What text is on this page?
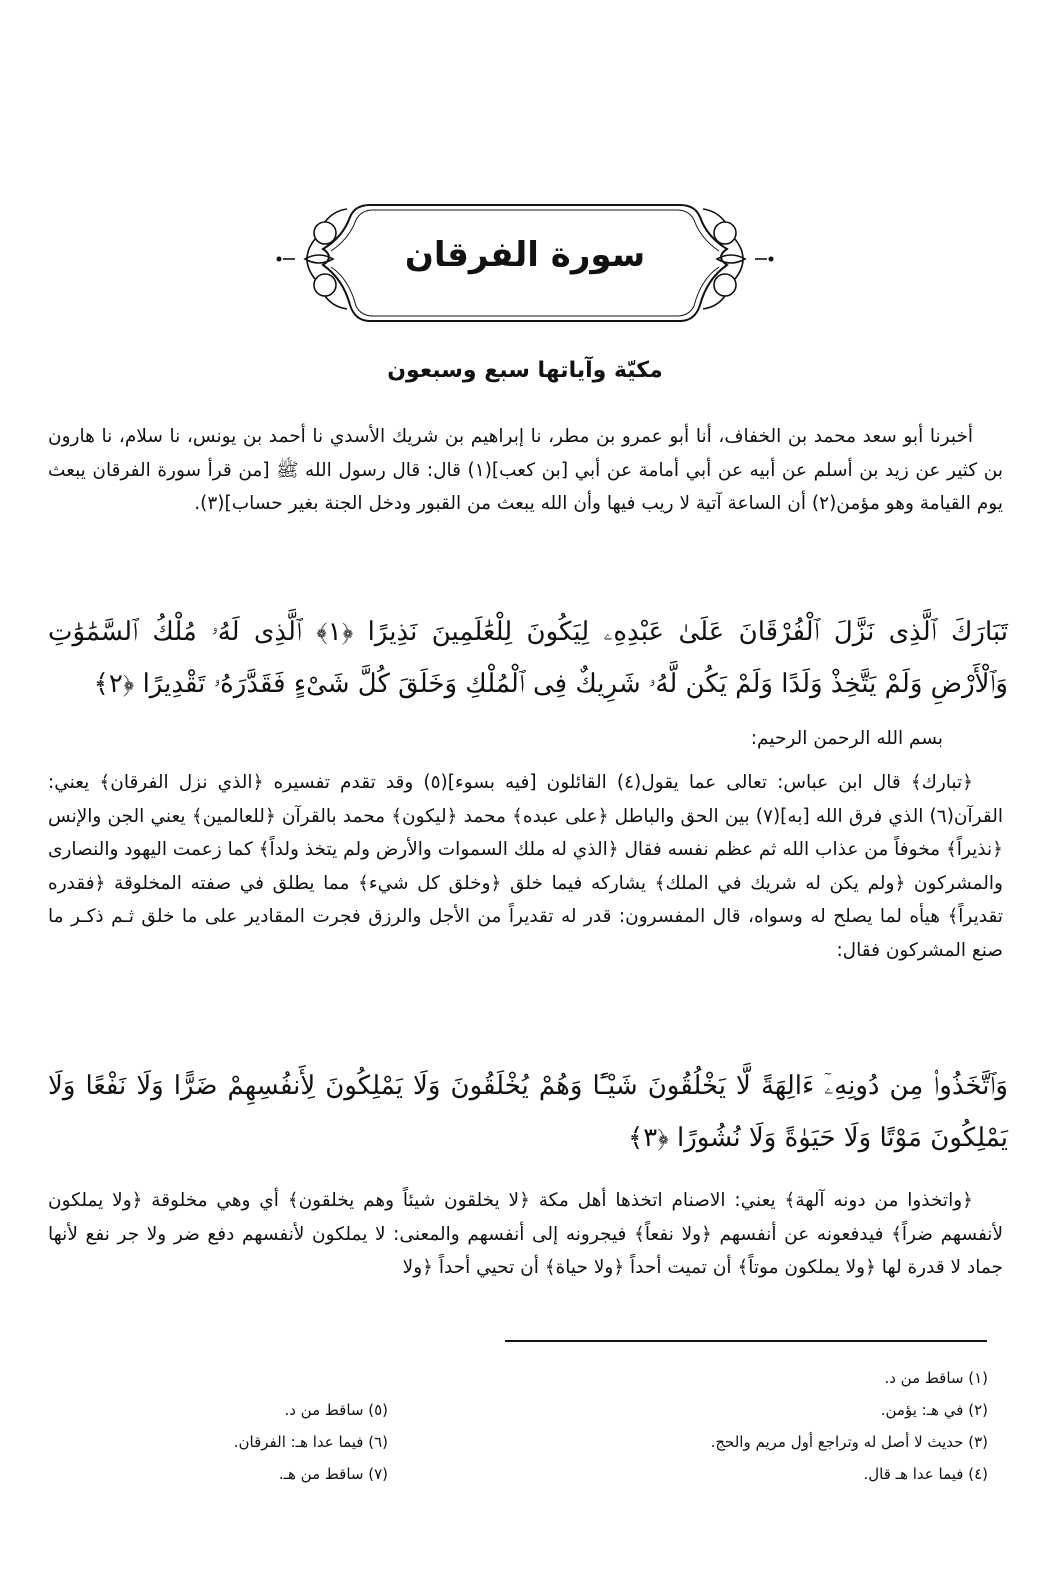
سورة الفرقان
مكيّة وآياتها سبع وسبعون
أخبرنا أبو سعد محمد بن الخفاف، أنا أبو عمرو بن مطر، نا إبراهيم بن شريك الأسدي نا أحمد بن يونس، نا سلام، نا هارون بن كثير عن زيد بن أسلم عن أبيه عن أبي أمامة عن أبي [بن كعب](١) قال: قال رسول الله ﷺ [من قرأ سورة الفرقان يبعث يوم القيامة وهو مؤمن(٢) أن الساعة آتية لا ريب فيها وأن الله يبعث من القبور ودخل الجنة بغير حساب](٣).
تَبَارَكَ ٱلَّذِى نَزَّلَ ٱلْفُرْقَانَ عَلَىٰ عَبْدِهِۦ لِيَكُونَ لِلْعَٰلَمِينَ نَذِيرًا ﴿١﴾ ٱلَّذِى لَهُۥ مُلْكُ ٱلسَّمَٰوَٰتِ وَٱلْأَرْضِ وَلَمْ يَتَّخِذْ وَلَدًا وَلَمْ يَكُن لَّهُۥ شَرِيكٌ فِى ٱلْمُلْكِ وَخَلَقَ كُلَّ شَىْءٍ فَقَدَّرَهُۥ تَقْدِيرًا ﴿٢﴾
بسم الله الرحمن الرحيم:
﴿تبارك﴾ قال ابن عباس: تعالى عما يقول(٤) القائلون [فيه بسوء](٥) وقد تقدم تفسيره ﴿الذي نزل الفرقان﴾ يعني: القرآن(٦) الذي فرق الله [به](٧) بين الحق والباطل ﴿على عبده﴾ محمد ﴿ليكون﴾ محمد بالقرآن ﴿للعالمين﴾ يعني الجن والإنس ﴿نذيراً﴾ مخوفاً من عذاب الله ثم عظم نفسه فقال ﴿الذي له ملك السموات والأرض ولم يتخذ ولداً﴾ كما زعمت اليهود والنصارى والمشركون ﴿ولم يكن له شريك في الملك﴾ يشاركه فيما خلق ﴿وخلق كل شيء﴾ مما يطلق في صفته المخلوقة ﴿فقدره تقديراً﴾ هيأه لما يصلح له وسواه، قال المفسرون: قدر له تقديراً من الأجل والرزق فجرت المقادير على ما خلق ثـم ذكـر ما صنع المشركون فقال:
وَٱتَّخَذُوا۟ مِن دُونِهِۦٓ ءَالِهَةً لَّا يَخْلُقُونَ شَيْـًٔا وَهُمْ يُخْلَقُونَ وَلَا يَمْلِكُونَ لِأَنفُسِهِمْ ضَرًّا وَلَا نَفْعًا وَلَا يَمْلِكُونَ مَوْتًا وَلَا حَيَوٰةً وَلَا نُشُورًا ﴿٣﴾
﴿واتخذوا من دونه آلهة﴾ يعني: الاصنام اتخذها أهل مكة ﴿لا يخلقون شيئاً وهم يخلقون﴾ أي وهي مخلوقة ﴿ولا يملكون لأنفسهم ضراً﴾ فيدفعونه عن أنفسهم ﴿ولا نفعاً﴾ فيجرونه إلى أنفسهم والمعنى: لا يملكون لأنفسهم دفع ضر ولا جر نفع لأنها جماد لا قدرة لها ﴿ولا يملكون موتاً﴾ أن تميت أحداً ﴿ولا حياة﴾ أن تحيي أحداً ﴿ولا
(١) ساقط من د.
(٢) في هـ: يؤمن.
(٣) حديث لا أصل له وتراجع أول مريم والحج.
(٤) فيما عدا هـ قال.
(٥) ساقط من د.
(٦) فيما عدا هـ: الفرقان.
(٧) ساقط من هـ.
